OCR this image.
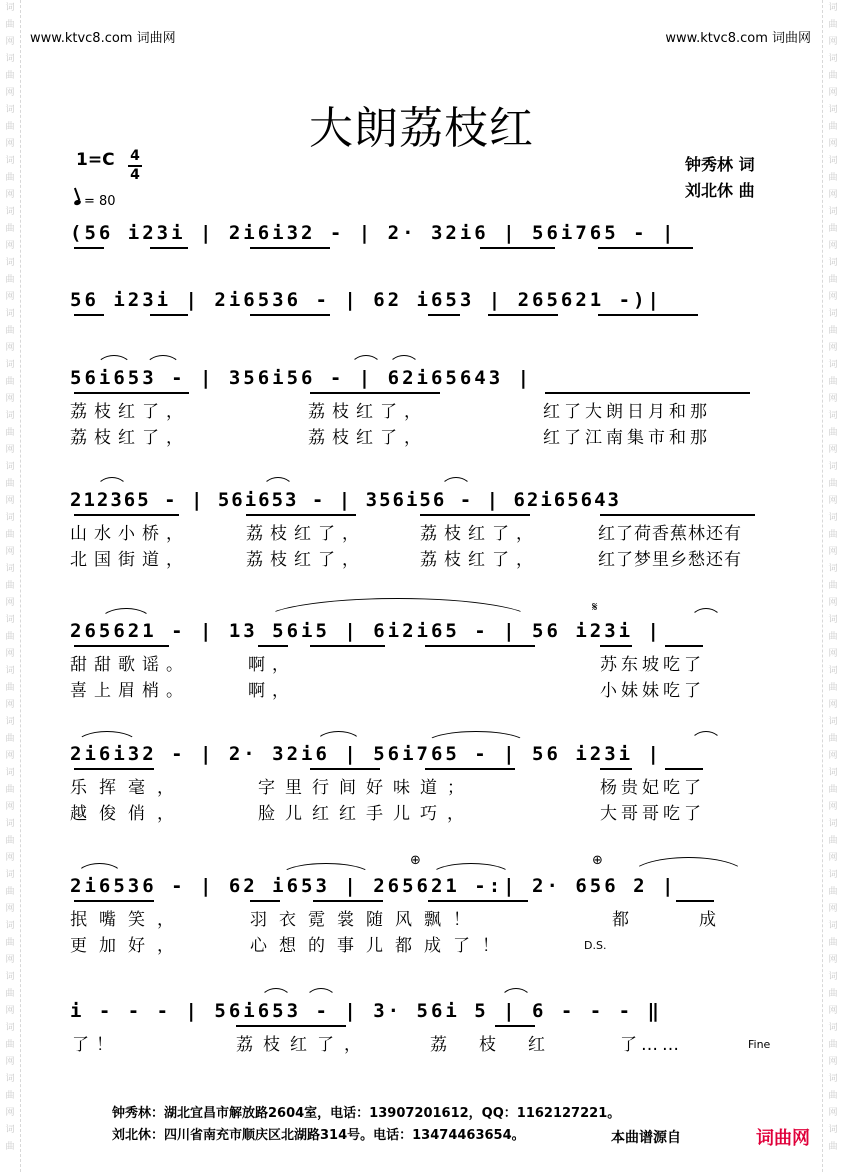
词
曲
网
词
曲
网
词
曲
网
词
曲
网
词
曲
网
词
曲
网
词
曲
网
词
曲
网
词
曲
网
词
曲
网
词
曲
网
词
曲
网
词
曲
网
词
曲
网
词
曲
网
词
曲
网
词
曲
网
词
曲
网
词
曲
网
词
曲
网
词
曲
网
词
曲
网
词
曲
词
曲
网
词
曲
网
词
曲
网
词
曲
网
词
曲
网
词
曲
网
词
曲
网
词
曲
网
词
曲
网
词
曲
网
词
曲
网
词
曲
网
词
曲
网
词
曲
网
词
曲
网
词
曲
网
词
曲
网
词
曲
网
词
曲
网
词
曲
网
词
曲
网
词
曲
网
词
曲
www.ktvc8.com 词曲网	www.ktvc8.com 词曲网
大朗荔枝红
1=C 4
4
= 80
钟秀林 词
刘北休 曲
(56 i23i | 2i6i32 - | 2· 32i6 | 56i765 - |
56 i23i | 2i6536 - | 62 i653 | 265621 -)|
56i653 - | 356i56 - | 62i65643 |
荔枝红了，	荔枝红了，	红了大朗日月和那
荔枝红了，	荔枝红了，	红了江南集市和那
212365 - | 56i653 - | 356i56 - | 62i65643
山水小桥，	荔枝红了，	荔枝红了，	红了荷香蕉林还有
北国街道，	荔枝红了，	荔枝红了，	红了梦里乡愁还有
𝄋
265621 - | 13 56i5 | 6i2i65 - | 56 i23i |
甜甜歌谣。	啊，	苏东坡吃了
喜上眉梢。	啊，	小妹妹吃了
2i6i32 - | 2· 32i6 | 56i765 - | 56 i23i |
乐挥毫，	字里行间好味道；	杨贵妃吃了
越俊俏，	脸儿红红手儿巧，	大哥哥吃了
⊕	⊕
2i6536 - | 62 i653 | 265621 -:| 2· 656 2 |
抿嘴笑，	羽衣霓裳随风飘！	都成
更加好，	心想的事儿都成了！	D.S.
i - - - | 56i653 - | 3· 56i 5 | 6 - - - ‖
了！	荔枝红了，	荔枝红	了……	Fine
钟秀林：湖北宜昌市解放路2604室，电话：13907201612，QQ：1162127221。
刘北休：四川省南充市顺庆区北湖路314号。电话：13474463654。	本曲谱源自	词曲网
